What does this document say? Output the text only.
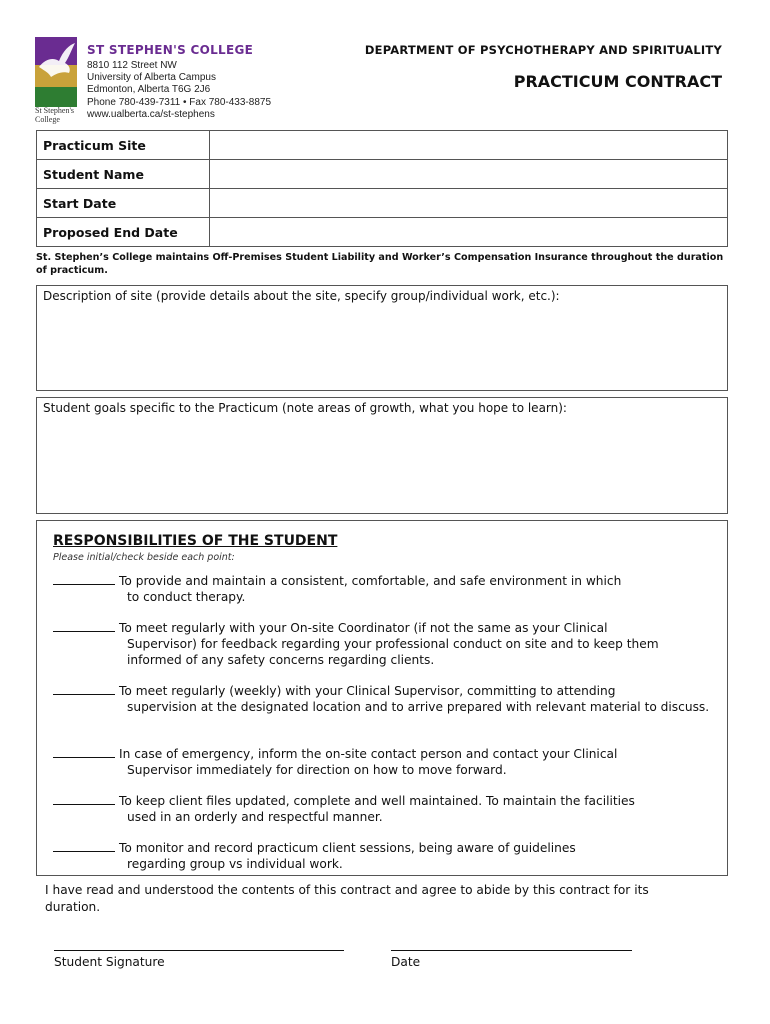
St Stephen's College
ST STEPHEN'S COLLEGE
8810 112 Street NW
University of Alberta Campus
Edmonton, Alberta T6G 2J6
Phone 780-439-7311 • Fax 780-433-8875
www.ualberta.ca/st-stephens
DEPARTMENT OF PSYCHOTHERAPY AND SPIRITUALITY
PRACTICUM CONTRACT
Practicum Site	
Student Name	
Start Date	
Proposed End Date	
St. Stephen’s College maintains Off-Premises Student Liability and Worker’s Compensation Insurance throughout the duration of practicum.
Description of site (provide details about the site, specify group/individual work, etc.):
Student goals specific to the Practicum (note areas of growth, what you hope to learn):
RESPONSIBILITIES OF THE STUDENT
Please initial/check beside each point:
To provide and maintain a consistent, comfortable, and safe environment in which
to conduct therapy.
To meet regularly with your On-site Coordinator (if not the same as your Clinical
Supervisor) for feedback regarding your professional conduct on site and to keep them informed of any safety concerns regarding clients.
To meet regularly (weekly) with your Clinical Supervisor, committing to attending
supervision at the designated location and to arrive prepared with relevant material to discuss.
In case of emergency, inform the on-site contact person and contact your Clinical
Supervisor immediately for direction on how to move forward.
To keep client files updated, complete and well maintained. To maintain the facilities
used in an orderly and respectful manner.
To monitor and record practicum client sessions, being aware of guidelines
regarding group vs individual work.
I have read and understood the contents of this contract and agree to abide by this contract for its duration.
Student Signature	Date
